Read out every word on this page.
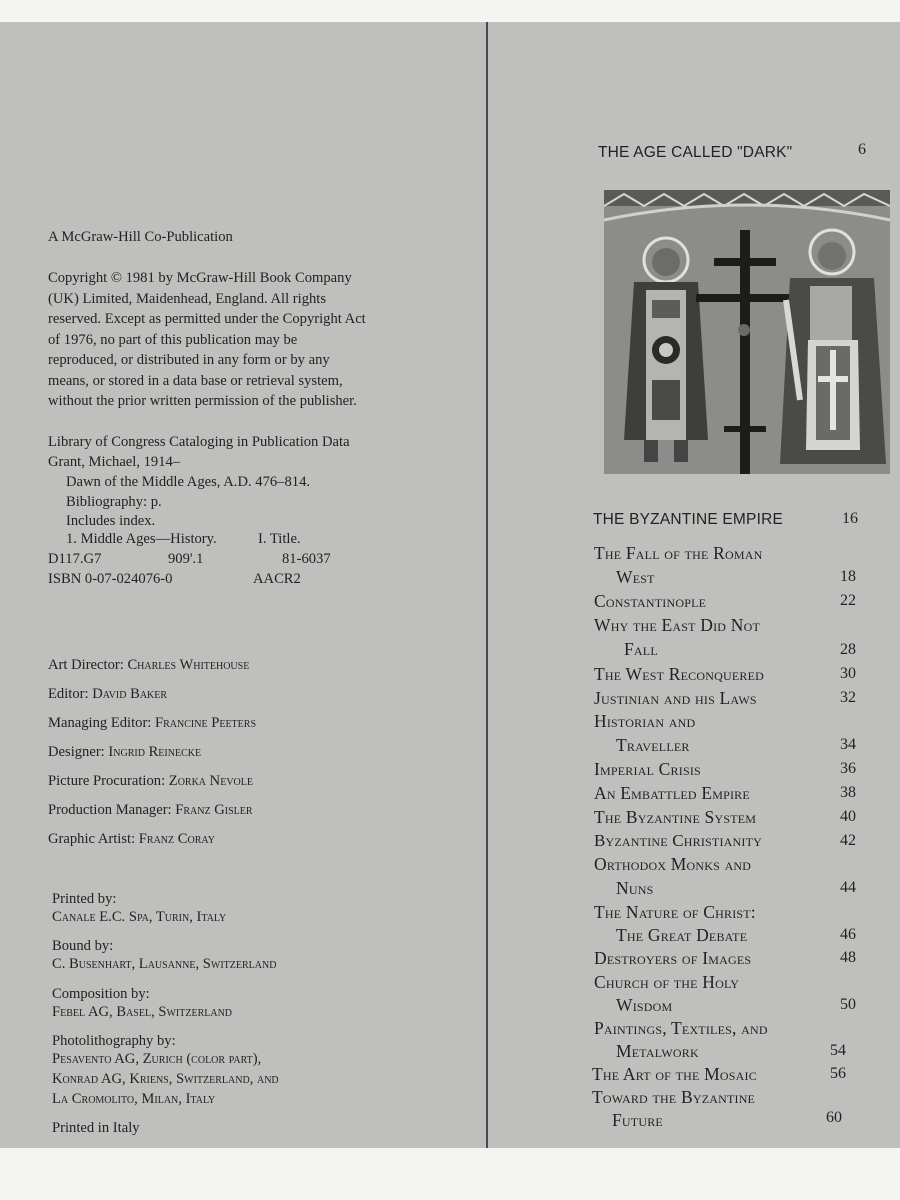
A McGraw-Hill Co-Publication
Copyright © 1981 by McGraw-Hill Book Company
(UK) Limited, Maidenhead, England. All rights
reserved. Except as permitted under the Copyright Act
of 1976, no part of this publication may be
reproduced, or distributed in any form or by any
means, or stored in a data base or retrieval system,
without the prior written permission of the publisher.
Library of Congress Cataloging in Publication Data
Grant, Michael, 1914–
Dawn of the Middle Ages, A.D. 476–814.
Bibliography: p.
Includes index.
1. Middle Ages—History.	I. Title.
D117.G7	909'.1	81-6037
ISBN 0-07-024076-0	AACR2
Art Director: Charles Whitehouse
Editor: David Baker
Managing Editor: Francine Peeters
Designer: Ingrid Reinecke
Picture Procuration: Zorka Nevole
Production Manager: Franz Gisler
Graphic Artist: Franz Coray
Printed by:
Canale E.C. Spa, Turin, Italy
Bound by:
C. Busenhart, Lausanne, Switzerland
Composition by:
Febel AG, Basel, Switzerland
Photolithography by:
Pesavento AG, Zurich (color part),
Konrad AG, Kriens, Switzerland, and
La Cromolito, Milan, Italy
Printed in Italy
THE AGE CALLED "DARK"	6
THE BYZANTINE EMPIRE	16
The Fall of the Roman
West	18
Constantinople	22
Why the East Did Not
Fall	28
The West Reconquered	30
Justinian and his Laws	32
Historian and
Traveller	34
Imperial Crisis	36
An Embattled Empire	38
The Byzantine System	40
Byzantine Christianity	42
Orthodox Monks and
Nuns	44
The Nature of Christ:
The Great Debate	46
Destroyers of Images	48
Church of the Holy
Wisdom	50
Paintings, Textiles, and
Metalwork	54
The Art of the Mosaic	56
Toward the Byzantine
Future	60
